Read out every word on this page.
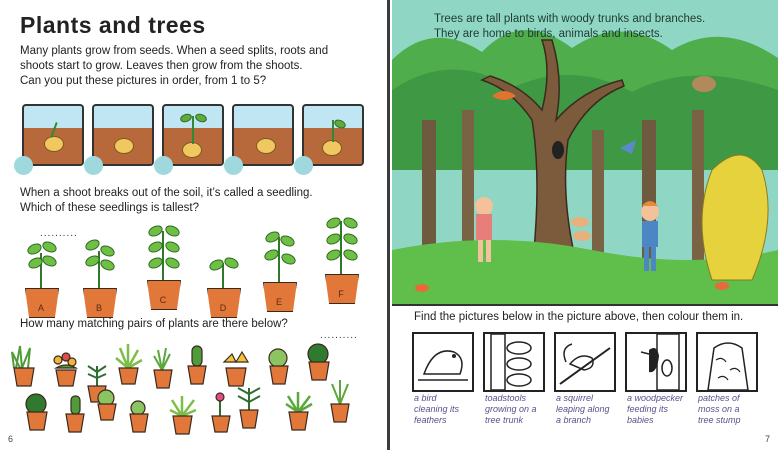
Plants and trees
Many plants grow from seeds. When a seed splits, roots and
shoots start to grow. Leaves then grow from the shoots.
Can you put these pictures in order, from 1 to 5?
When a shoot breaks out of the soil, it’s called a seedling.
Which of these seedlings is tallest?
..........
A	B
C
D
E
F
How many matching pairs of plants are there below?
..........
6
Trees are tall plants with woody trunks and branches.
They are home to birds, animals and insects.
Find the pictures below in the picture above, then colour them in.
a bird
cleaning its
feathers
toadstools
growing on a
tree trunk
a squirrel
leaping along
a branch
a woodpecker
feeding its
babies
patches of
moss on a
tree stump
7
